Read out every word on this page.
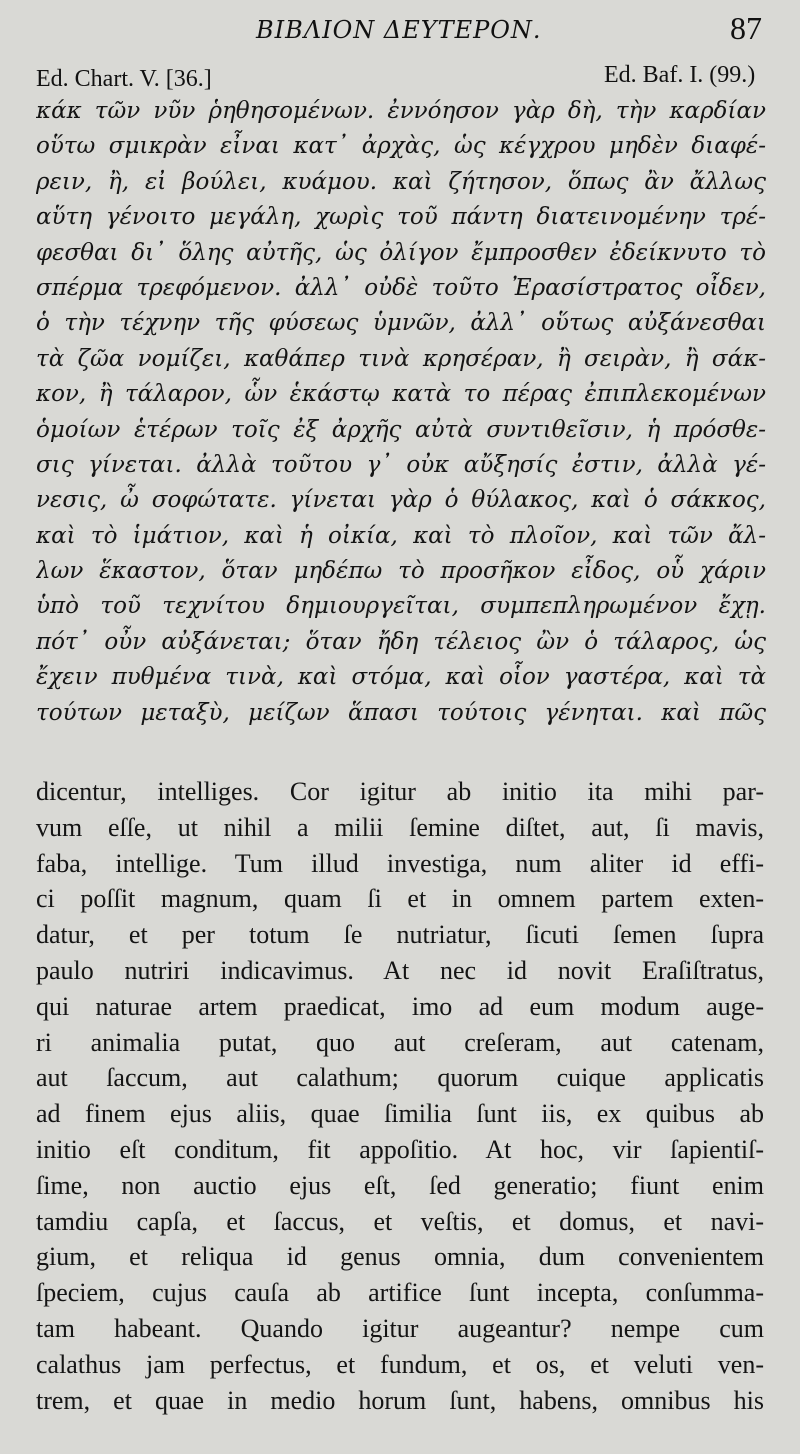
ΒΙΒΛΙΟΝ ΔΕΥΤΕΡΟΝ.	87
Ed. Chart. V. [36.]	Ed. Baf. I. (99.)
κάκ τῶν νῦν ῥηθησομένων. ἐννόησον γὰρ δὴ, τὴν καρδίαν
οὕτω σμικρὰν εἶναι κατ᾽ ἀρχὰς, ὡς κέγχρου μηδὲν διαφέ-
ρειν, ἢ, εἰ βούλει, κυάμου. καὶ ζήτησον, ὅπως ἂν ἄλλως
αὕτη γένοιτο μεγάλη, χωρὶς τοῦ πάντη διατεινομένην τρέ-
φεσθαι δι᾽ ὅλης αὐτῆς, ὡς ὀλίγον ἔμπροσθεν ἐδείκνυτο τὸ
σπέρμα τρεφόμενον. ἀλλ᾽ οὐδὲ τοῦτο Ἐρασίστρατος οἶδεν,
ὁ τὴν τέχνην τῆς φύσεως ὑμνῶν, ἀλλ᾽ οὕτως αὐξάνεσθαι
τὰ ζῶα νομίζει, καθάπερ τινὰ κρησέραν, ἢ σειρὰν, ἢ σάκ-
κον, ἢ τάλαρον, ὧν ἑκάστῳ κατὰ το πέρας ἐπιπλεκομένων
ὁμοίων ἑτέρων τοῖς ἐξ ἀρχῆς αὐτὰ συντιθεῖσιν, ἡ πρόσθε-
σις γίνεται. ἀλλὰ τοῦτου γ᾽ οὐκ αὔξησίς ἐστιν, ἀλλὰ γέ-
νεσις, ὦ σοφώτατε. γίνεται γὰρ ὁ θύλακος, καὶ ὁ σάκκος,
καὶ τὸ ἱμάτιον, καὶ ἡ οἰκία, καὶ τὸ πλοῖον, καὶ τῶν ἄλ-
λων ἕκαστον, ὅταν μηδέπω τὸ προσῆκον εἶδος, οὗ χάριν
ὑπὸ τοῦ τεχνίτου δημιουργεῖται, συμπεπληρωμένον ἔχῃ.
πότ᾽ οὖν αὐξάνεται; ὅταν ἤδη τέλειος ὢν ὁ τάλαρος, ὡς
ἔχειν πυθμένα τινὰ, καὶ στόμα, καὶ οἷον γαστέρα, καὶ τὰ
τούτων μεταξὺ, μείζων ἅπασι τούτοις γένηται. καὶ πῶς
dicentur, intelliges. Cor igitur ab initio ita mihi par-
vum eſſe, ut nihil a milii ſemine diſtet, aut, ſi mavis,
faba, intellige. Tum illud investiga, num aliter id effi-
ci poſſit magnum, quam ſi et in omnem partem exten-
datur, et per totum ſe nutriatur, ſicuti ſemen ſupra
paulo nutriri indicavimus. At nec id novit Eraſiſtratus,
qui naturae artem praedicat, imo ad eum modum auge-
ri animalia putat, quo aut creſeram, aut catenam,
aut ſaccum, aut calathum; quorum cuique applicatis
ad finem ejus aliis, quae ſimilia ſunt iis, ex quibus ab
initio eſt conditum, fit appoſitio. At hoc, vir ſapientiſ-
ſime, non auctio ejus eſt, ſed generatio; fiunt enim
tamdiu capſa, et ſaccus, et veſtis, et domus, et navi-
gium, et reliqua id genus omnia, dum convenientem
ſpeciem, cujus cauſa ab artifice ſunt incepta, conſumma-
tam habeant. Quando igitur augeantur? nempe cum
calathus jam perfectus, et fundum, et os, et veluti ven-
trem, et quae in medio horum ſunt, habens, omnibus his
